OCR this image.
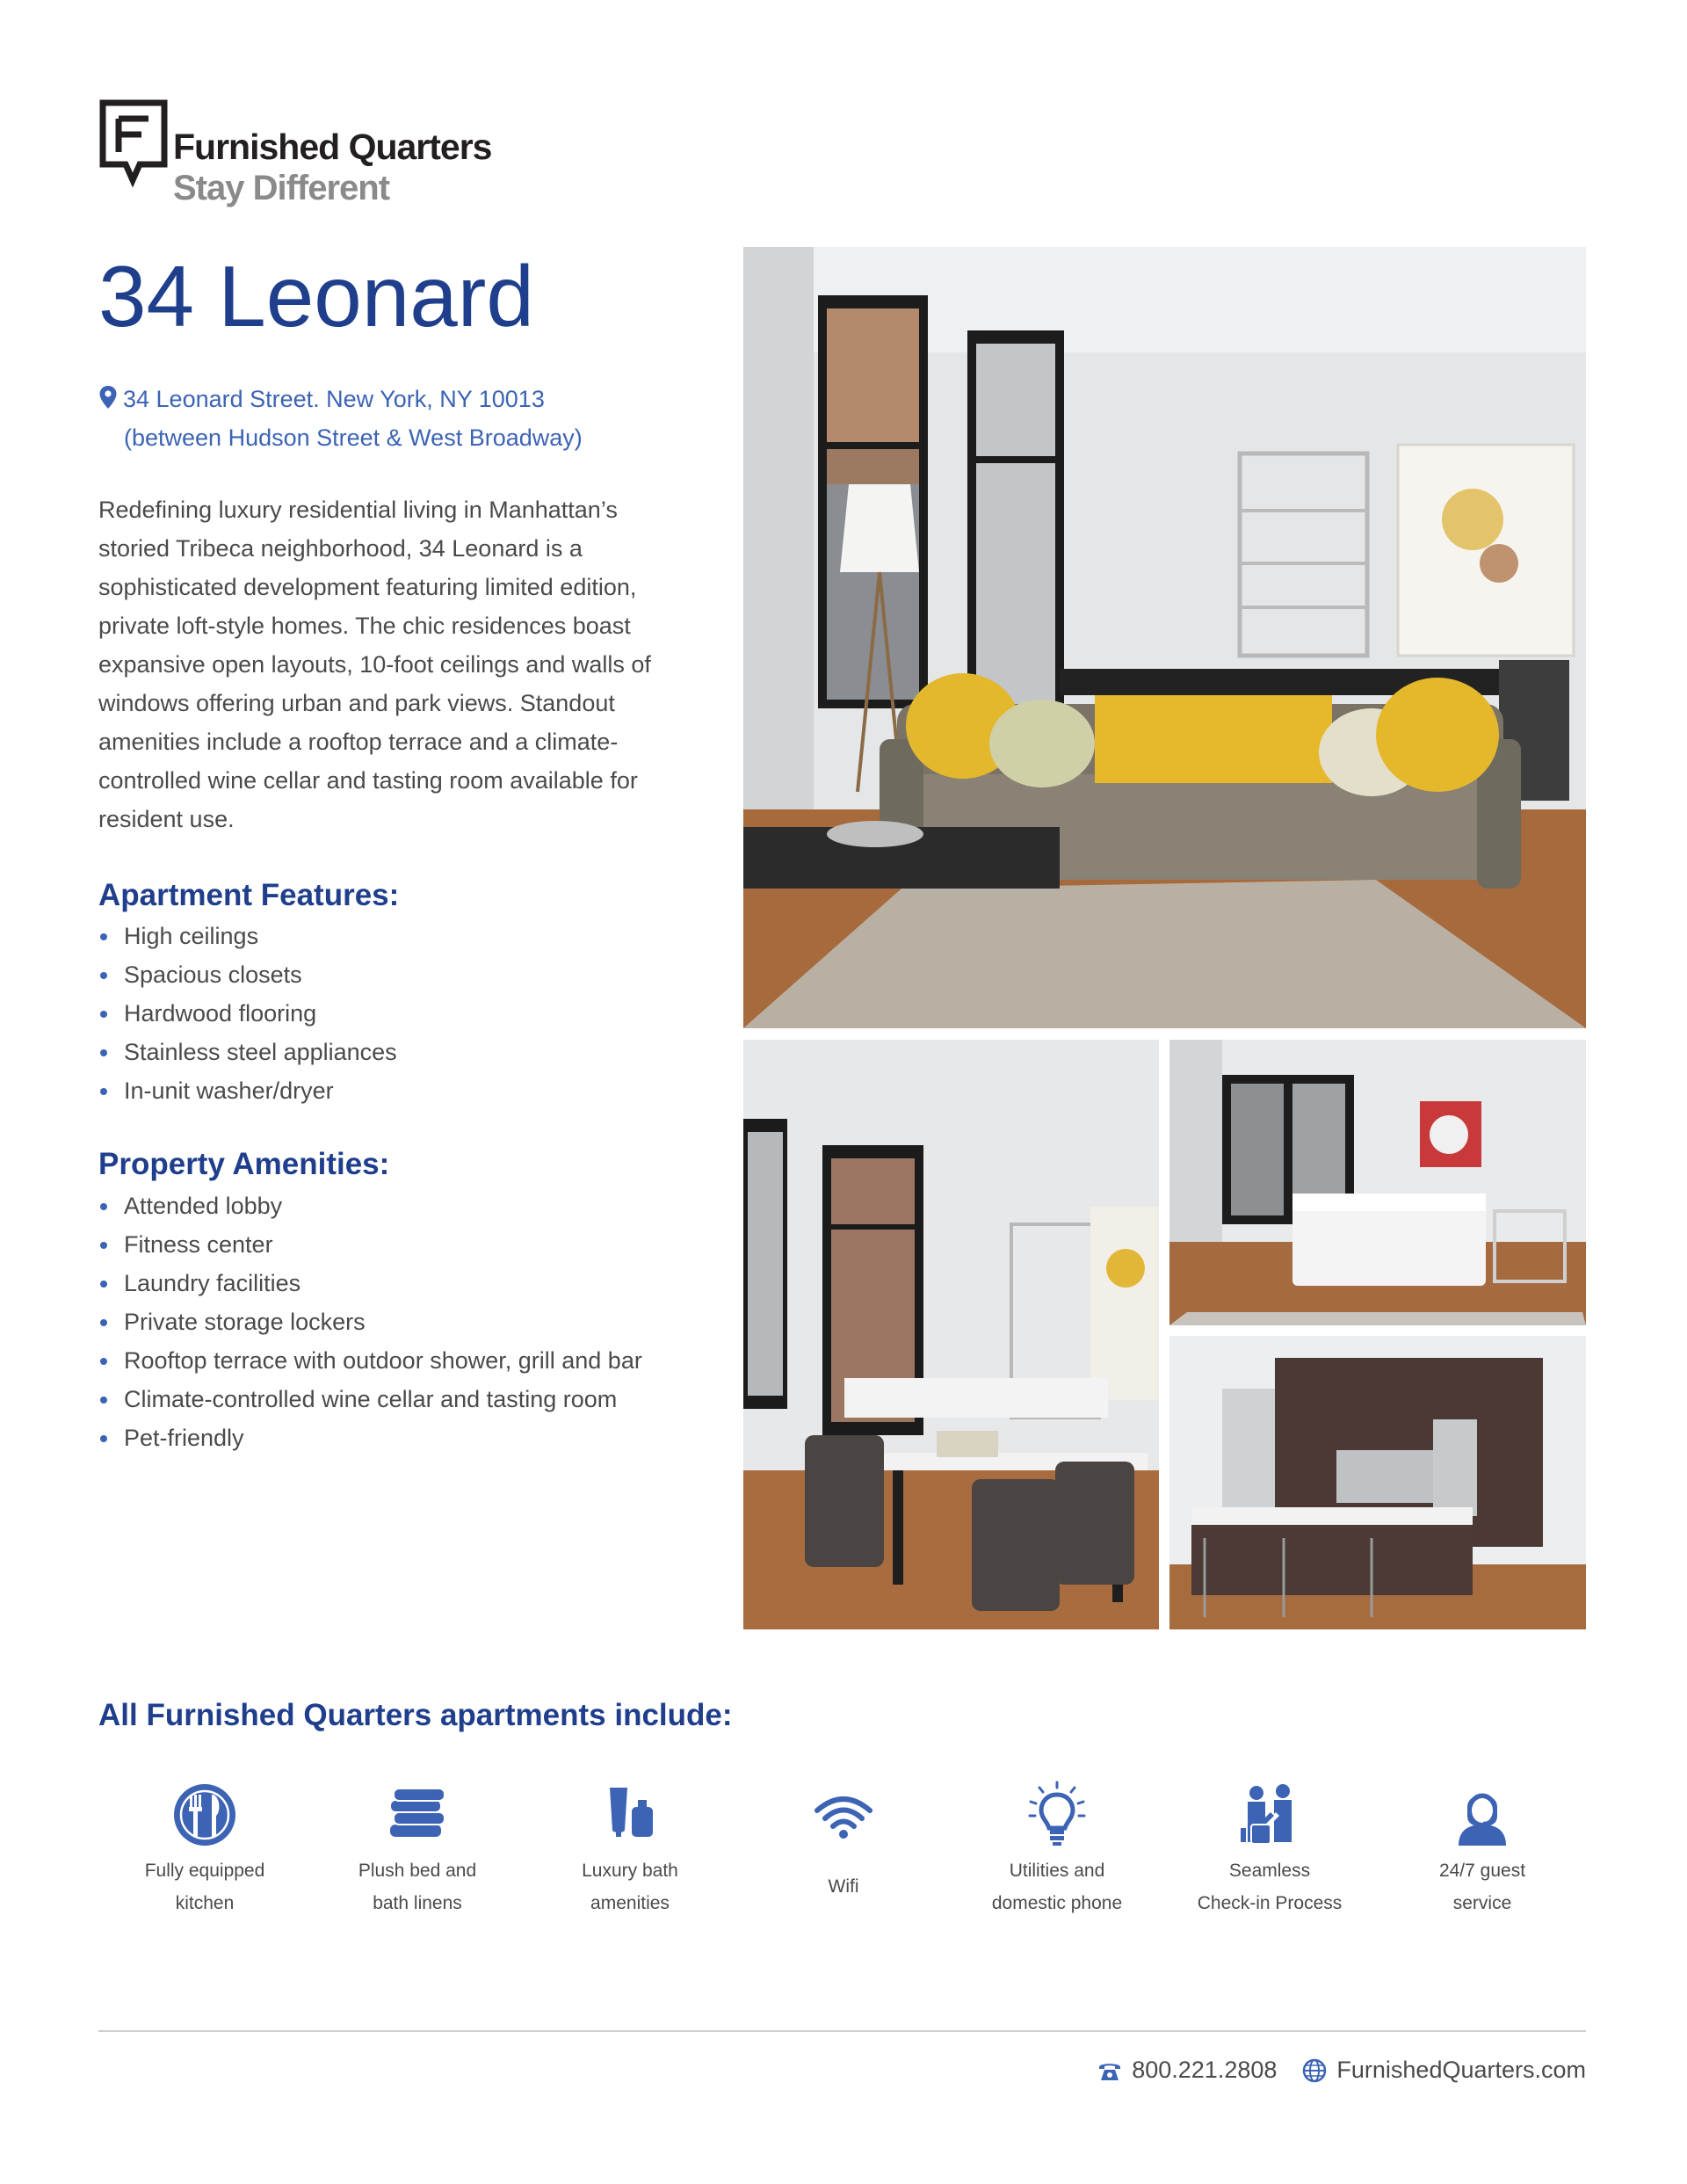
Furnished Quarters
Stay Different
34 Leonard
34 Leonard Street. New York, NY 10013
(between Hudson Street & West Broadway)

Redefining luxury residential living in Manhattan’s storied Tribeca neighborhood, 34 Leonard is a sophisticated development featuring limited edition, private loft-style homes. The chic residences boast expansive open layouts, 10-foot ceilings and walls of windows offering urban and park views. Standout amenities include a rooftop terrace and a climate-controlled wine cellar and tasting room available for resident use.

Apartment Features:
High ceilings
Spacious closets
Hardwood flooring
Stainless steel appliances
In-unit washer/dryer
Property Amenities:
Attended lobby
Fitness center
Laundry facilities
Private storage lockers
Rooftop terrace with outdoor shower, grill and bar
Climate-controlled wine cellar and tasting room
Pet-friendly
All Furnished Quarters apartments include:
Fully equipped
kitchen
Plush bed and
bath linens
Luxury bath
amenities
Wifi
Utilities and
domestic phone
Seamless
Check-in Process
24/7 guest
service
800.221.2808	FurnishedQuarters.com
